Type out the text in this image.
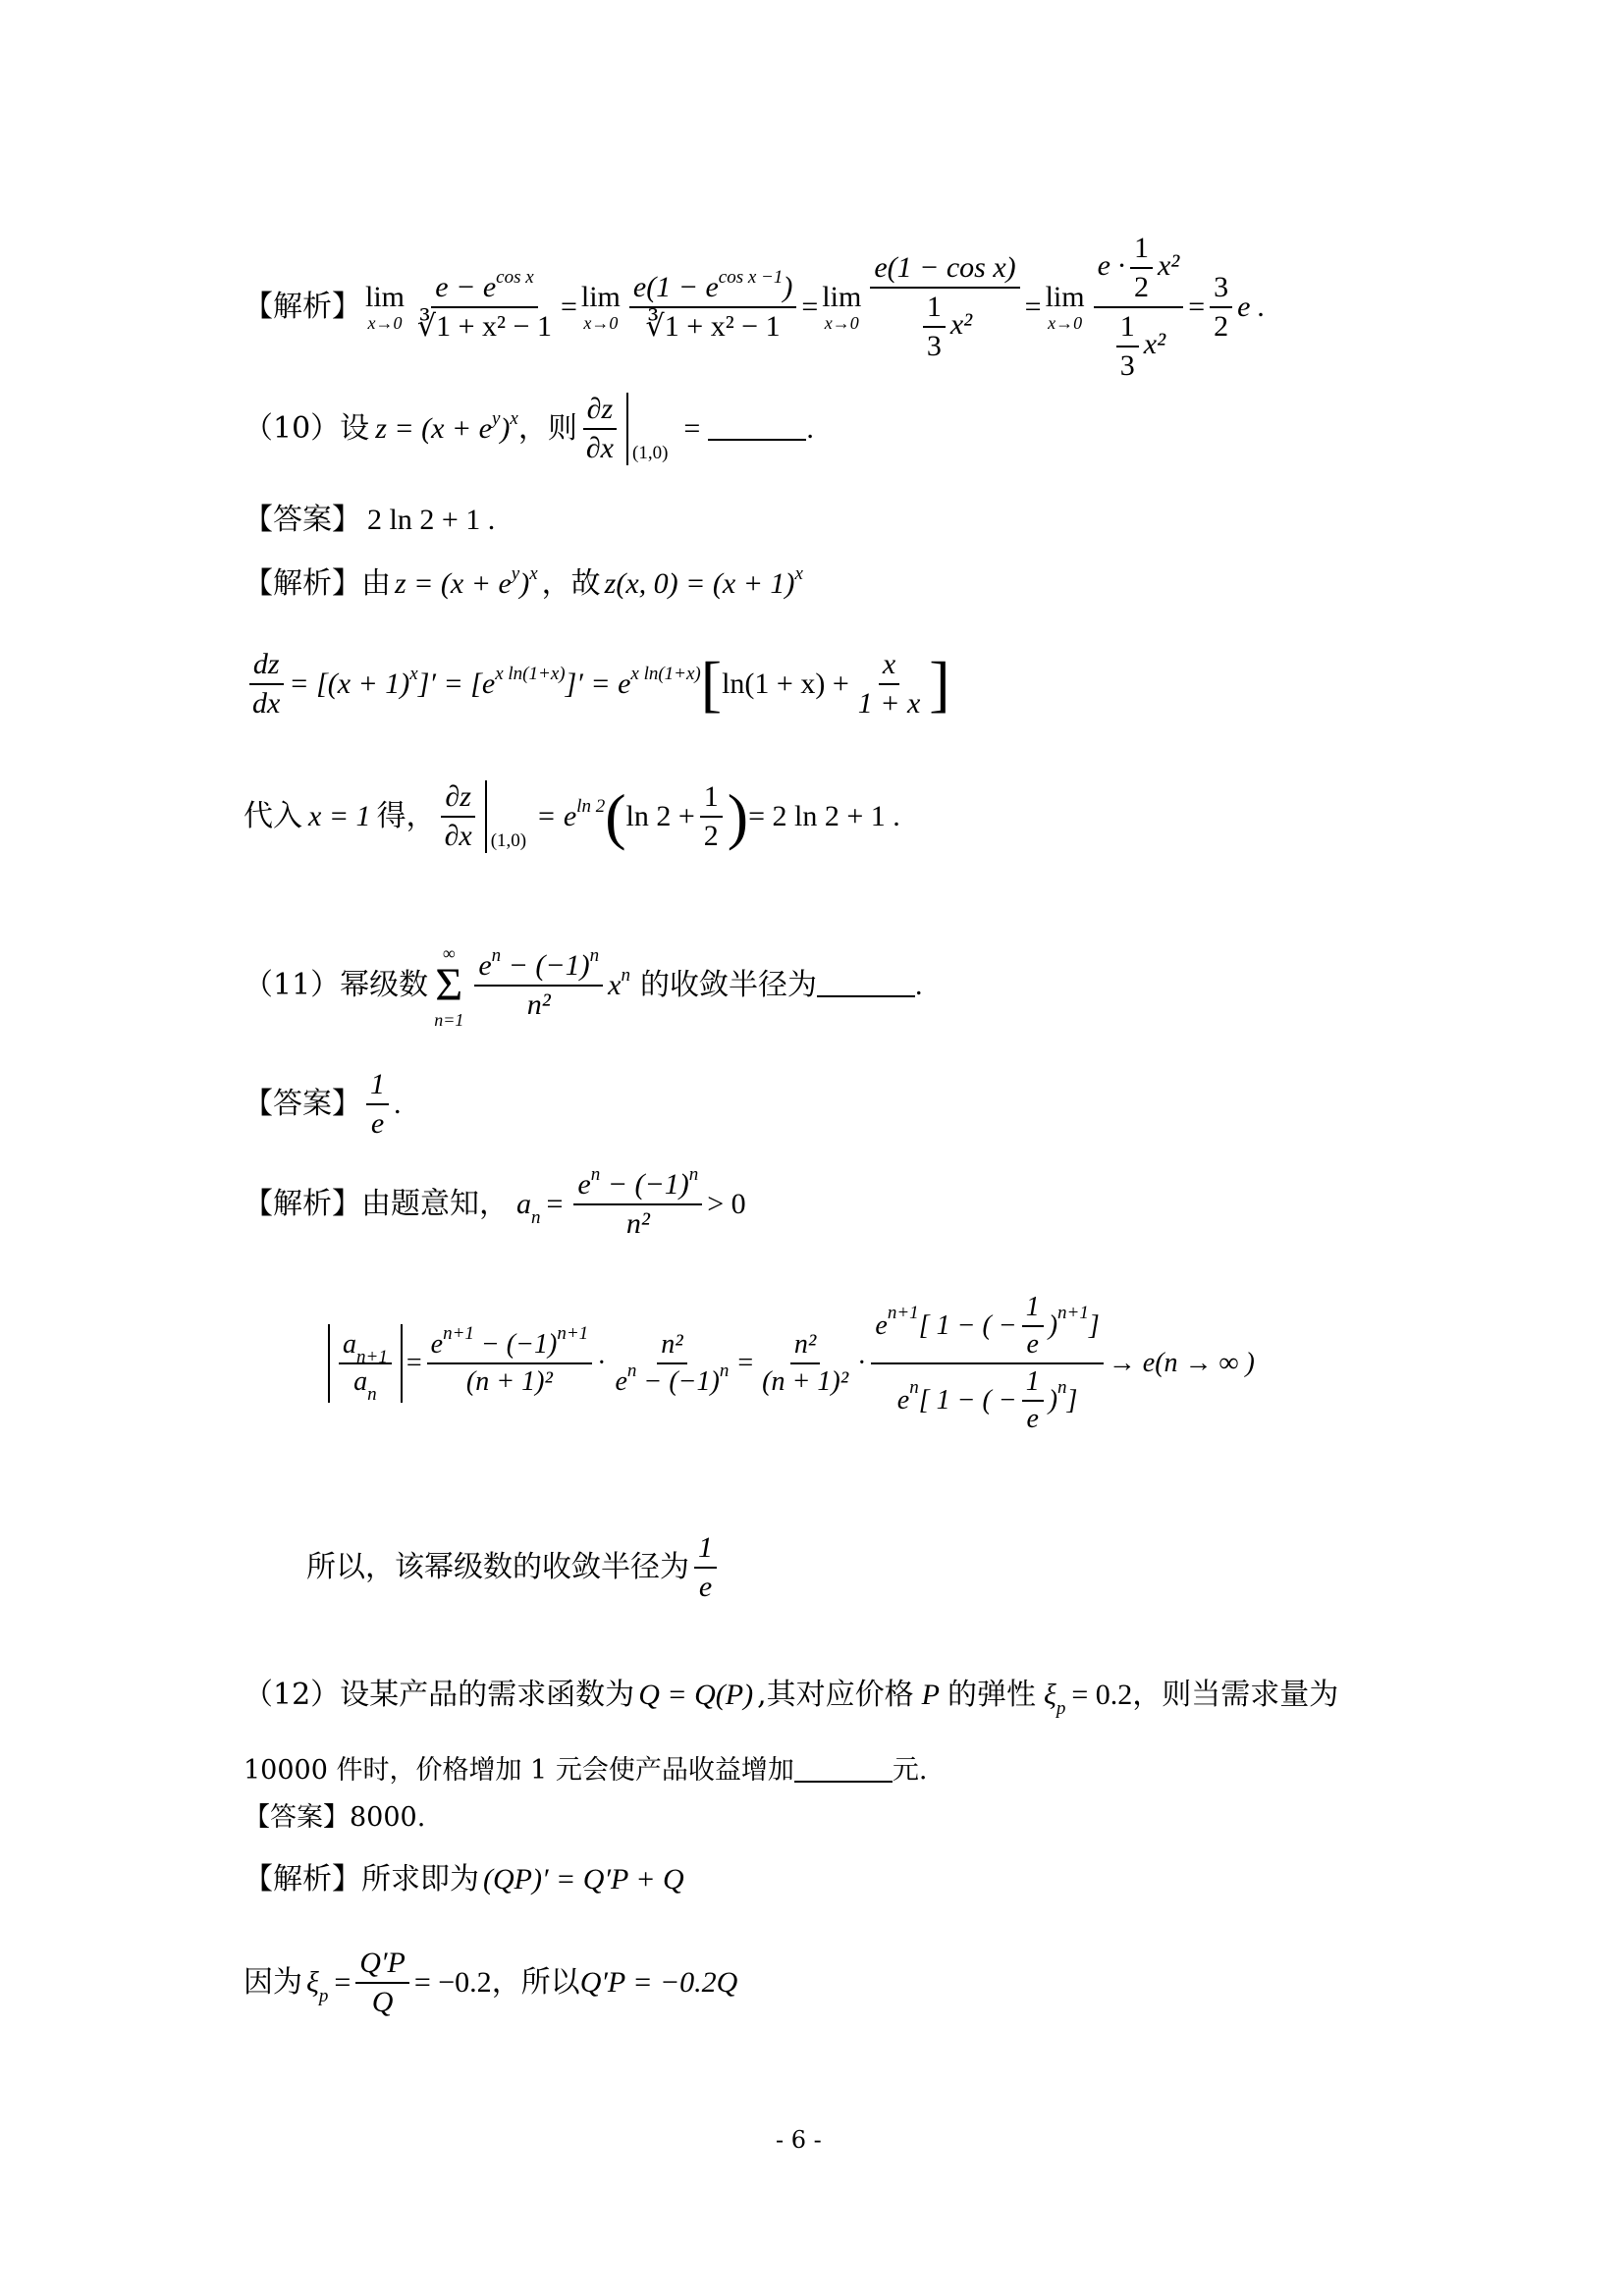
【解析】 lim
$x\to 0 \frac{e - e^{cos x}}{\text{∛1 + x² − 1}} = \lim$
$x\to 0 \frac{e(1 - e^{cos x -1})}{\text{∛1 + x² − 1}} = \lim$
$x\to 0 \frac{\text{e(1 − cos x)}}{\frac{1}{3} x^2} = \lim$
$x\to 0 \frac{e \cdot \frac{1}{2} x^2}{\frac{1}{3} x^2} = \frac{3}{2}$ e .
（10）设 $z = (x + e^y)^x$ ，则 $\frac{\partial z}{\partial x} (1,0)$
=	.
【答案】 2 ln 2 + 1 .
【解析】 由 $z = (x + e^y)^x$ ，故 z(x, $0) = (x + 1)^x$
$\frac{dz}{dx} = [(x + 1)^x]' = [e^{x ln(1+x)}]' = e^{x ln(1+x)}$ [ $\ln(1 + x) + \frac{x}{1 + x}$ ]
代入 x = 1 得， $\frac{\partial z}{\partial x} (1,0)$
= $e^{ln 2}$ ( $\ln 2 + \frac{1}{2}$ ) = 2 ln 2 + 1 .
（11）幂级数
∞
Σ
$n=1 \frac{e^n - (-1)^n}{\text{n²}} x^n$ 的收敛半径为	.
【答案】 $\frac{1}{e}$ .
【解析】 由题意知， $a_n = \frac{e^n - (-1)^n}{\text{n²}} > 0$
$\frac{a_{n+1}}{a_n} = \frac{e^{n+1} - (-1)^{n+1}}{\text{(n + 1)²}} \cdot \frac{\text{n²}}{e^n - (-1)^n} = \frac{\text{n²}}{\text{(n + 1)²}} \cdot \frac{e n+1 [ 1 - ( - \frac{1}{e} ) n+1 ]}{e n [ 1 - ( - \frac{1}{e} ) n ]} \to e(n$ → ∞ )
所以，该幂级数的收敛半径为 $\frac{1}{e}$
（12）设某产品的需求函数为 Q = Q(P) ,其对应价格 P 的弹性 $\xi_p = 0.2$ ，则当需求量为
10000 件时，价格增加 1 元会使产品收益增加	元.
【答案】 8000.
【解析】 所求即为 (QP)′ = Q′P + Q
因为 $\xi_p = \frac{Q'P}{Q} = -0.2$ ，所以 Q′P = −0.2Q
- 6 -
